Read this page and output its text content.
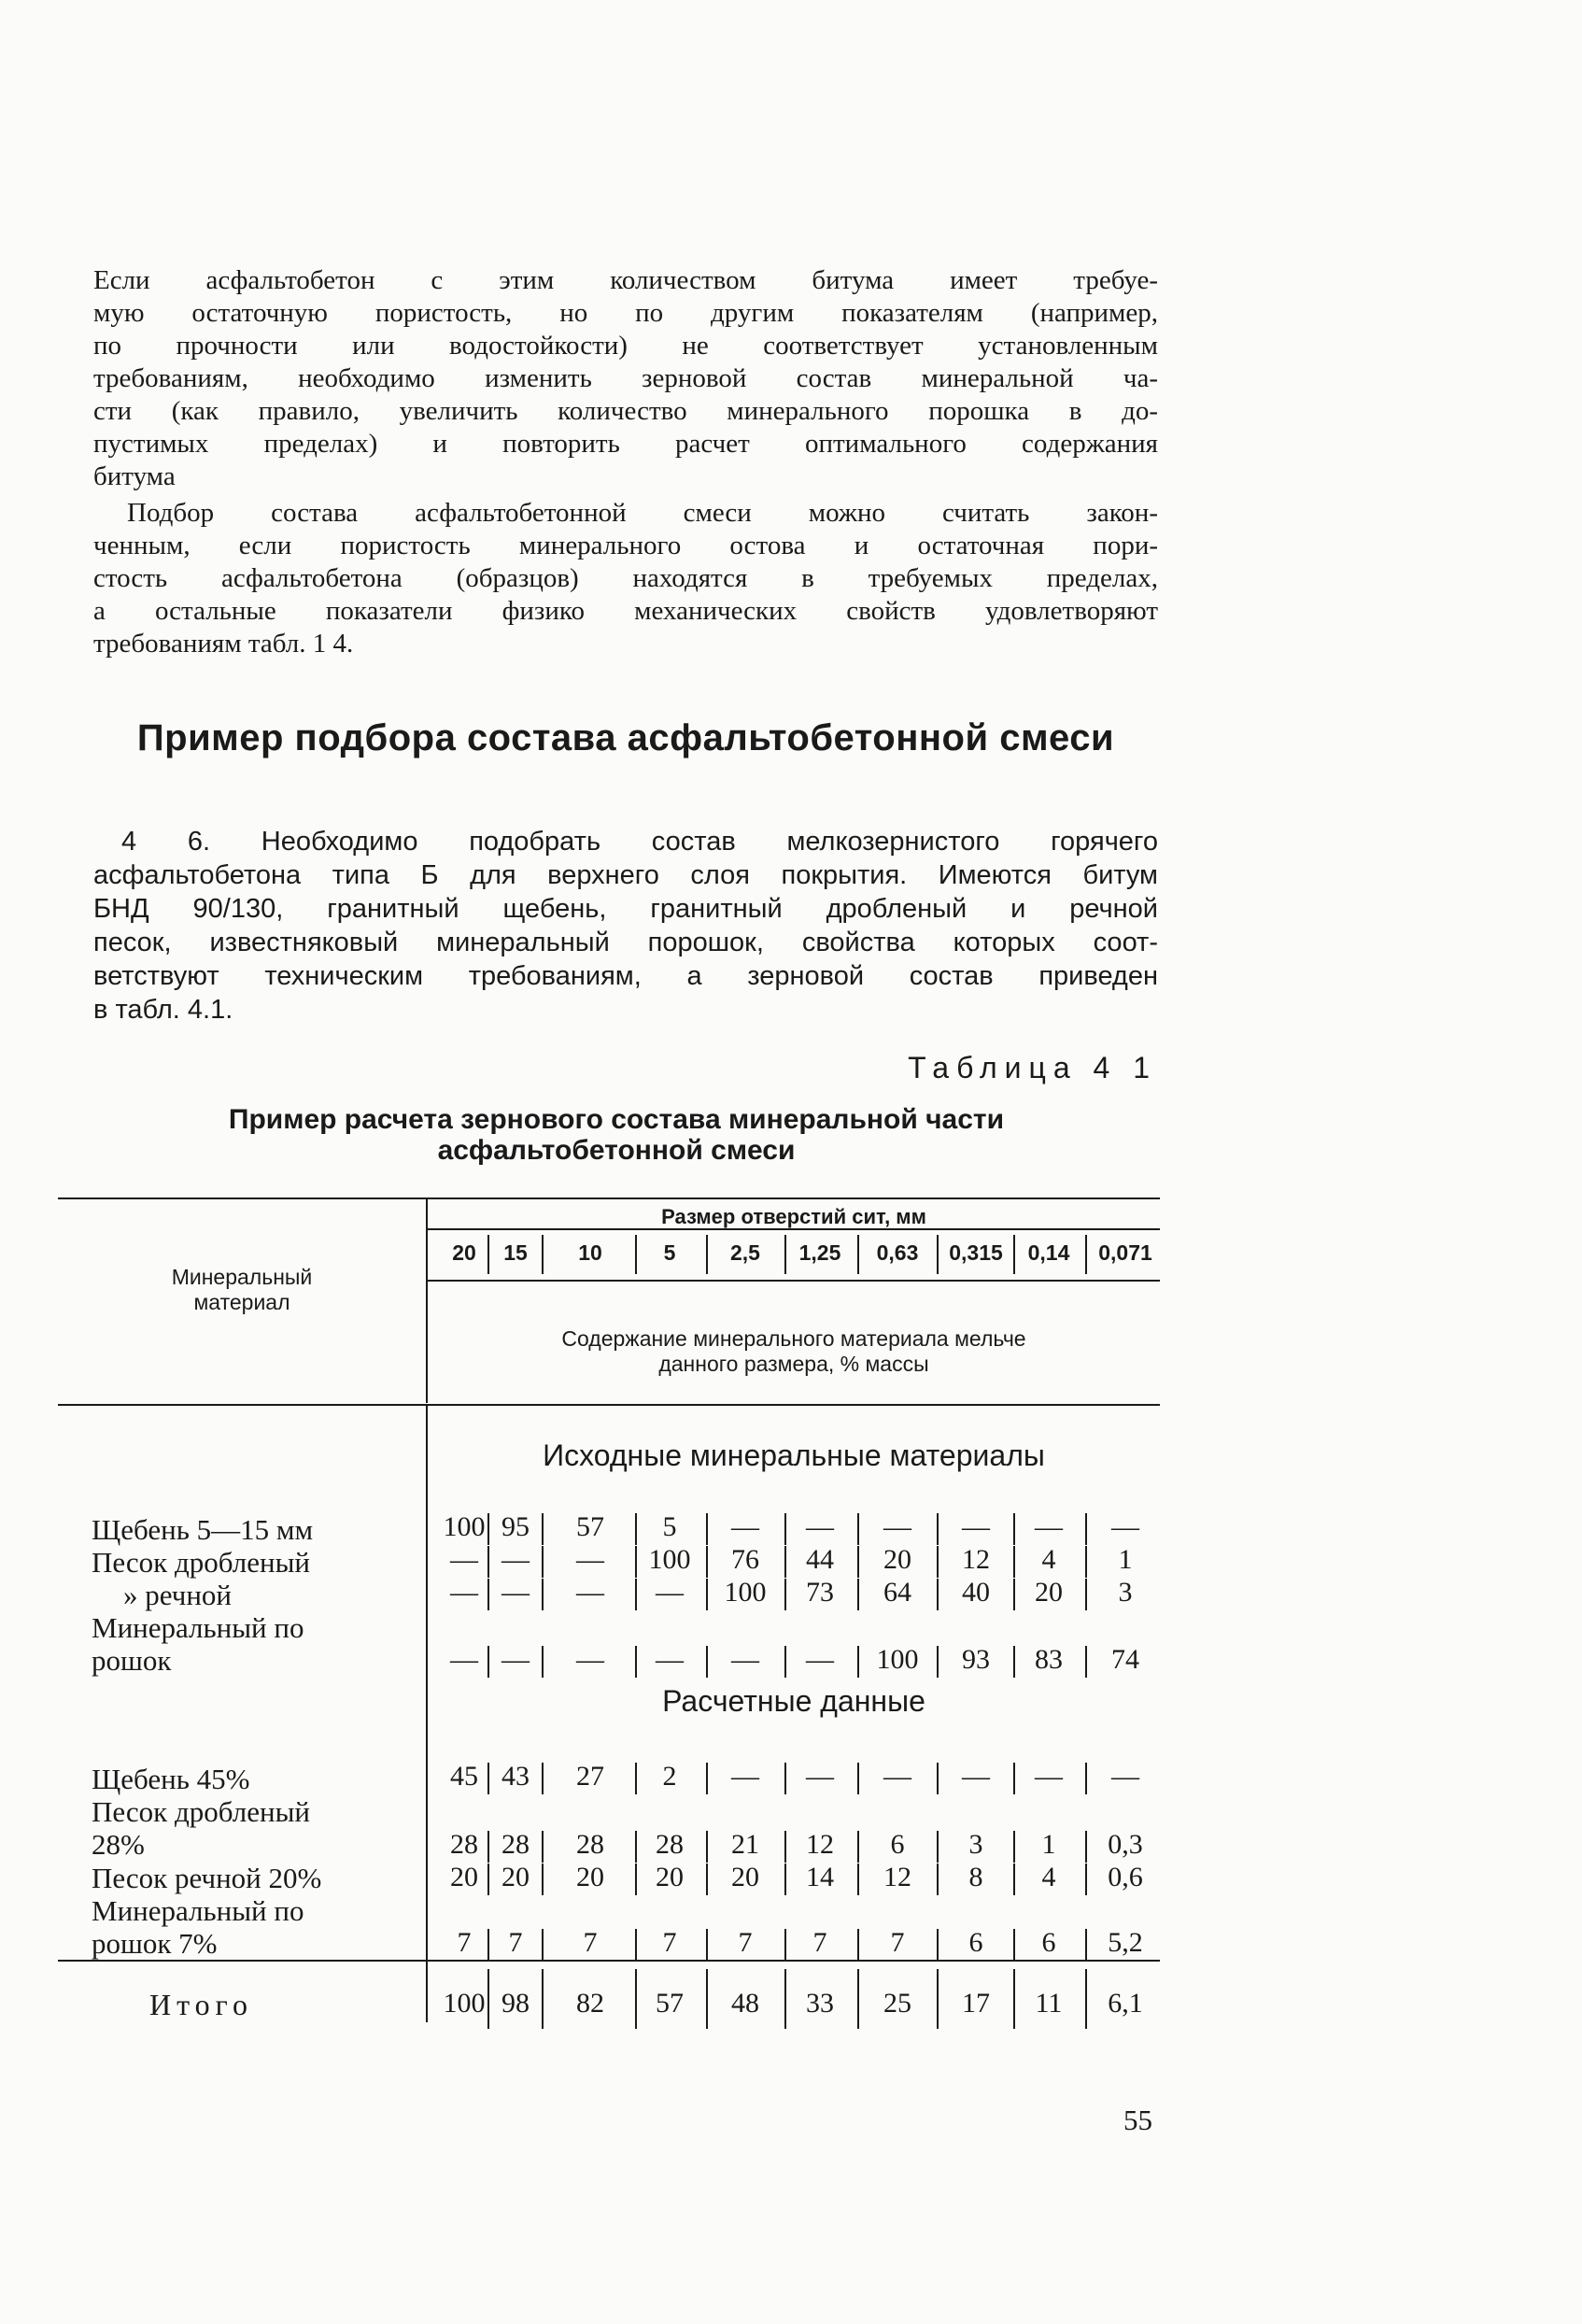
Если асфальтобетон с этим количеством битума имеет требуе-
мую остаточную пористость, но по другим показателям (например,
по прочности или водостойкости) не соответствует установленным
требованиям, необходимо изменить зерновой состав минеральной ча-
сти (как правило, увеличить количество минерального порошка в до-
пустимых пределах) и повторить расчет оптимального содержания
битума
Подбор состава асфальтобетонной смеси можно считать закон-
ченным, если пористость минерального остова и остаточная пори-
стость асфальтобетона (образцов) находятся в требуемых пределах,
а остальные показатели физико механических свойств удовлетворяют
требованиям табл. 1 4.
Пример подбора состава асфальтобетонной смеси
4 6. Необходимо подобрать состав мелкозернистого горячего
асфальтобетона типа Б для верхнего слоя покрытия. Имеются битум
БНД 90/130, гранитный щебень, гранитный дробленый и речной
песок, известняковый минеральный порошок, свойства которых соот-
ветствуют техническим требованиям, а зерновой состав приведен
в табл. 4.1.
Таблица 4 1
Пример расчета зернового состава минеральной части
асфальтобетонной смеси
Минеральный
материал
Размер отверстий сит, мм
Содержание минерального материала мельче
данного размера, % массы
20	15	10	5	2,5	1,25	0,63	0,315	0,14	0,071
Исходные минеральные материалы
Расчетные данные
Щебень 5—15 мм	100 95	57	5	—	—	—	—	—	—
Песок дробленый	— —	—	100	76	44	20	12	4	1
» речной	— —	—	—	100	73	64	40	20	3
Минеральный по
рошок	— —	—	—	—	—	100	93	83	74
Щебень 45%	45 43	27	2	—	—	—	—	—	—
Песок дробленый
28%	28 28	28	28	21	12	6	3	1	0,3
Песок речной 20%	20 20	20	20	20	14	12	8	4	0,6
Минеральный по
рошок 7%	7	7	7	7	7	7	7	6	6	5,2
Итого	100 98	82	57	48	33	25	17	11	6,1
55
